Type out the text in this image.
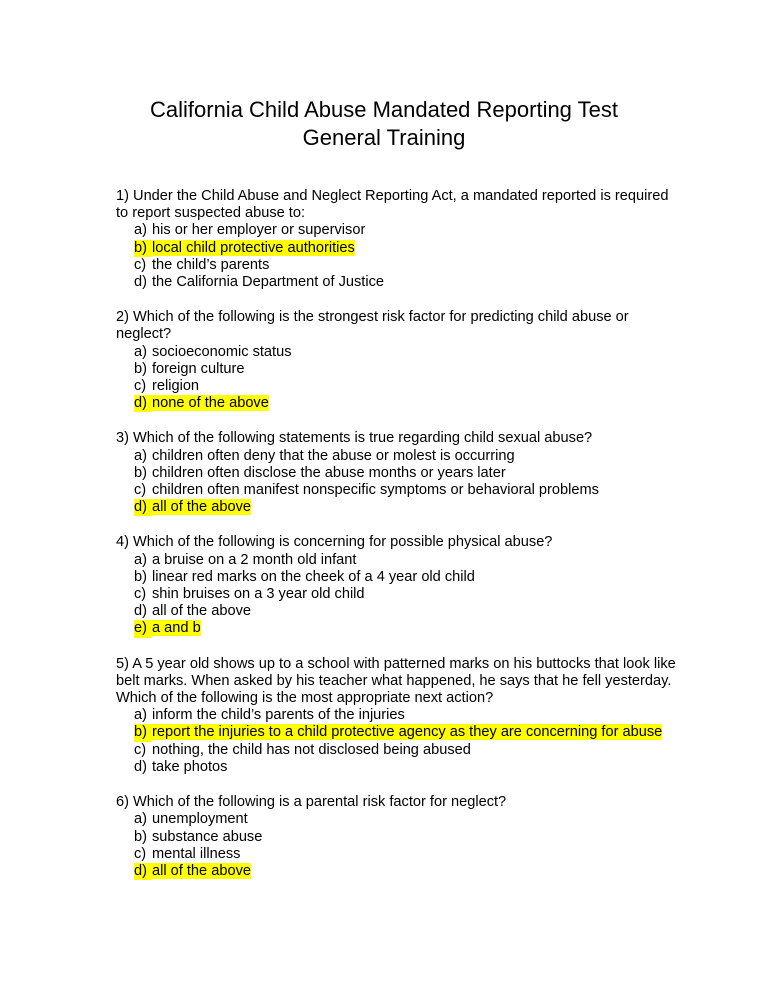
California Child Abuse Mandated Reporting Test
General Training

1) Under the Child Abuse and Neglect Reporting Act, a mandated reported is required to report suspected abuse to:

a) his or her employer or supervisor
b) local child protective authorities
c) the child’s parents
d) the California Department of Justice

2) Which of the following is the strongest risk factor for predicting child abuse or neglect?

a) socioeconomic status
b) foreign culture
c) religion
d) none of the above

3) Which of the following statements is true regarding child sexual abuse?

a) children often deny that the abuse or molest is occurring
b) children often disclose the abuse months or years later
c) children often manifest nonspecific symptoms or behavioral problems
d) all of the above

4) Which of the following is concerning for possible physical abuse?

a) a bruise on a 2 month old infant
b) linear red marks on the cheek of a 4 year old child
c) shin bruises on a 3 year old child
d) all of the above
e) a and b

5) A 5 year old shows up to a school with patterned marks on his buttocks that look like belt marks. When asked by his teacher what happened, he says that he fell yesterday. Which of the following is the most appropriate next action?

a) inform the child’s parents of the injuries
b) report the injuries to a child protective agency as they are concerning for abuse
c) nothing, the child has not disclosed being abused
d) take photos

6) Which of the following is a parental risk factor for neglect?

a) unemployment
b) substance abuse
c) mental illness
d) all of the above
